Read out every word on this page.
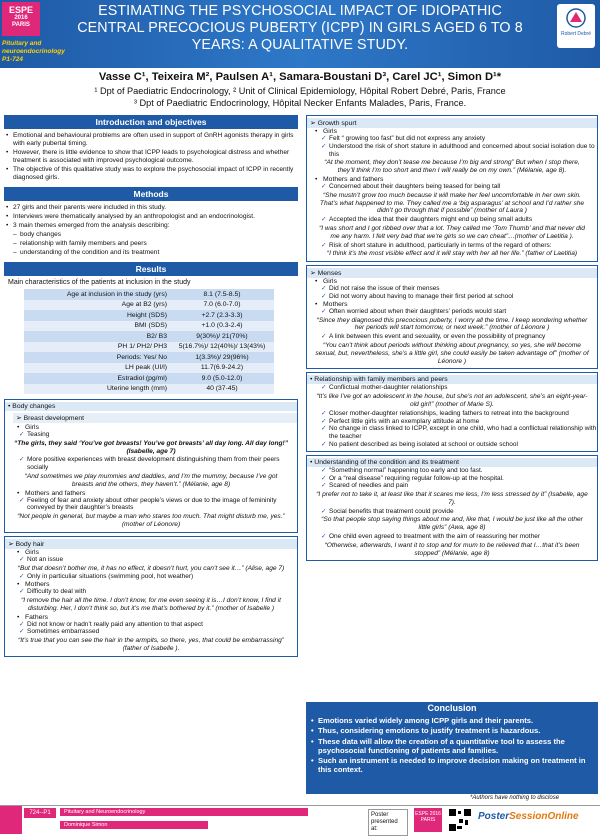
ESPE
2016
PARIS
Pituitary and
neuroendocrinology
P1-724
ESTIMATING THE PSYCHOSOCIAL IMPACT OF IDIOPATHIC CENTRAL PRECOCIOUS PUBERTY (ICPP) IN GIRLS AGED 6 TO 8 YEARS: A QUALITATIVE STUDY.
Robert Debré
Vasse C¹, Teixeira M², Paulsen A¹, Samara-Boustani D³, Carel JC¹, Simon D¹*
¹ Dpt of Paediatric Endocrinology, ² Unit of Clinical Epidemiology, Hôpital Robert Debré, Paris, France
³ Dpt of Paediatric Endocrinology, Hôpital Necker Enfants Malades, Paris, France.
Introduction and objectives
• Emotional and behavioural problems are often used in support of GnRH agonists therapy in girls with early pubertal timing.
• However, there is little evidence to show that ICPP leads to psychological distress and whether treatment is associated with improved psychological outcome.
• The objective of this qualitative study was to explore the psychosocial impact of ICPP in recently diagnosed girls.
Methods
• 27 girls and their parents were included in this study.
• Interviews were thematically analysed by an anthropologist and an endocrinologist.
• 3 main themes emerged from the analysis describing:
– body changes
– relationship with family members and peers
– understanding of the condition and its treatment
Results
Main characteristics of the patients at inclusion in the study
Age at inclusion in the study (yrs)	8.1 (7.5-8.5)
Age at B2 (yrs)	7.0 (6.0-7.0)
Height (SDS)	+2.7 (2.3-3.3)
BMI (SDS)	+1.0 (0.3-2.4)
B2/ B3	9(30%)/ 21(70%)
PH 1/ PH2/ PH3	5(16.7%)/ 12(40%)/ 13(43%)
Periods: Yes/ No	1(3.3%)/ 29(96%)
LH peak (UI/l)	11.7(6.9-24.2)
Estradiol (pg/ml)	9.0 (5.0-12.0)
Uterine length (mm)	40 (37-45)
• Body changes
➢ Breast development
• Girls
✓ Teasing
“The girls, they said ‘You’ve got breasts! You’ve got breasts’ all day long. All day long!” (Isabelle, age 7)
✓ More positive experiences with breast development distinguishing them from their peers socially
“And sometimes we play mummies and daddies, and I’m the mummy, because I’ve got breasts and the others, they haven’t.” (Mélanie, age 8)
• Mothers and fathers
✓ Feeling of fear and anxiety about other people’s views or due to the image of femininity conveyed by their daughter’s breasts
“Not people in general, but maybe a man who stares too much. That might disturb me, yes.” (mother of Léonore)
➢ Body hair
• Girls
✓ Not an issue
“But that doesn’t bother me, it has no effect, it doesn’t hurt, you can’t see it…” (Alise, age 7)
✓ Only in particuliar situations (swimming pool, hot weather)
• Mothers
✓ Difficulty to deal with
“I remove the hair all the time. I don’t know, for me even seeing it is…I don’t know, I find it disturbing. Her, I don’t think so, but it’s me that’s bothered by it.” (mother of Isabelle )
• Fathers
✓ Did not know or hadn’t really paid any attention to that aspect
✓ Sometimes embarrassed
“It’s true that you can see the hair in the armpits, so there, yes, that could be embarrassing” (father of Isabelle ).
➢ Growth spurt
• Girls
✓ Felt “ growing too fast” but did not express any anxiety
✓ Understood the risk of short stature in adulthood and concerned about social isolation due to this
“At the moment, they don’t tease me because I’m big and strong” But when I stop there, they’ll think I’m too short and then I will really be on my own.” (Mélanie, age 8).
• Mothers and fathers
✓ Concerned about their daughters being teased for being tall
“She mustn’t grow too much because it will make her feel uncomfortable in her own skin. That’s what happened to me. They called me a ‘big asparagus’ at school and I’d rather she didn’t go through that if possible” (mother of Laura )
✓ Accepted the idea that their daughters might end up being small adults
“I was short and I got ribbed over that a lot. They called me ‘Tom Thumb’ and that never did me any harm. I felt very bad that we’re girls so we can cheat”…(mother of Laetitia ).
✓ Risk of short stature in adulthood, particularly in terms of the regard of others:
“I think it’s the most visible effect and it will stay with her all her life.” (father of Laetitia)
➢ Menses
• Girls
✓ Did not raise the issue of their menses
✓ Did not worry about having to manage their first period at school
• Mothers
✓ Often worried about when their daughters’ periods would start
“Since they diagnosed this precocious puberty, I worry all the time. I keep wondering whether her periods will start tomorrow, or next week.” (mother of Léonore )
✓ A link between this event and sexuality, or even the possibility of pregnancy
“You can’t think about periods without thinking about pregnancy, so yes, she will become sexual, but, nevertheless, she’s a little girl, she could easily be taken advantage of” (mother of Léonore )
• Relationship with family members and peers
✓ Conflictual mother-daughter relationships
“It’s like I’ve got an adolescent in the house, but she’s not an adolescent, she’s an eight-year-old girl!” (mother of Marie S).
✓ Closer mother-daughter relationships, leading fathers to retreat into the background
✓ Perfect little girls with an exemplary attitude at home
✓ No change in class linked to ICPP, except in one child, who had a conflictual relationship with the teacher
✓ No patient described as being isolated at school or outside school
• Understanding of the condition and its treatment
✓ “Something normal” happening too early and too fast.
✓ Or a “real disease” requiring regular follow-up at the hospital.
✓ Scared of needles and pain
“I prefer not to take it, at least like that it scares me less, I’m less stressed by it” (Isabelle, age 7).
✓ Social benefits that treatment could provide
“So that people stop saying things about me and, like that, I would be just like all the other little girls” (Awa, age 8)
✓ One child even agreed to treatment with the aim of reassuring her mother
“Otherwise, afterwards, I want it to stop and for mum to be relieved that I…that it’s been stopped” (Mélanie, age 8)
Conclusion
• Emotions varied widely among ICPP girls and their parents.
• Thus, considering emotions to justify treatment is hazardous.
• These data will allow the creation of a quantitative tool to assess the psychosocial functioning of patients and families.
• Such an instrument is needed to improve decision making on treatment in this context.
*Authors have nothing to disclose
724--P1	Pituitary and Neuroendocrinology
Dominique Simon
Poster
presented at:
ESPE 2016 PARIS	PosterSessionOnline
